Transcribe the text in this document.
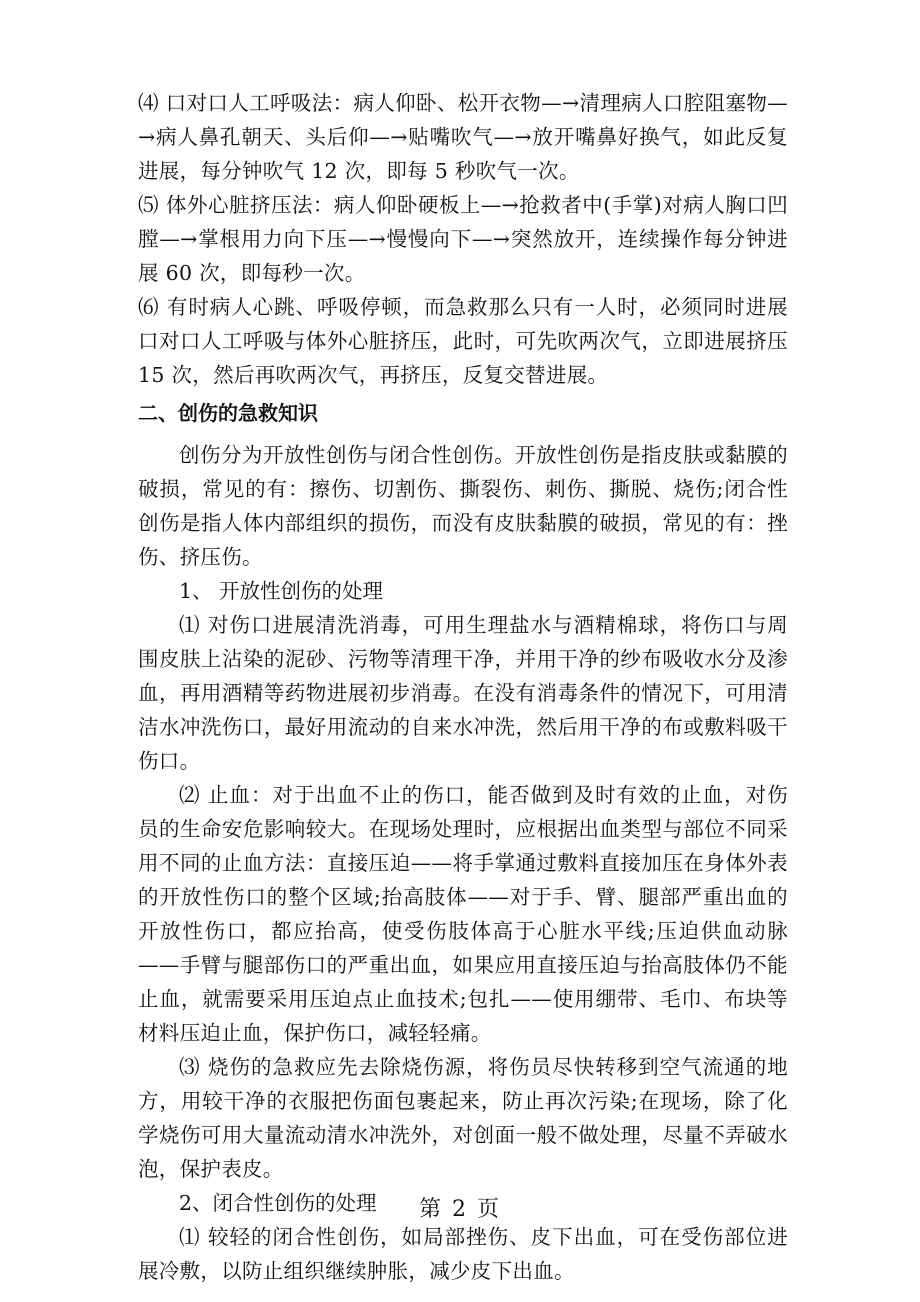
⑷ 口对口人工呼吸法：病人仰卧、松开衣物—→清理病人口腔阻塞物—→病人鼻孔朝天、头后仰—→贴嘴吹气—→放开嘴鼻好换气，如此反复进展，每分钟吹气 12 次，即每 5 秒吹气一次。

⑸ 体外心脏挤压法：病人仰卧硬板上—→抢救者中(手掌)对病人胸口凹膛—→掌根用力向下压—→慢慢向下—→突然放开，连续操作每分钟进展 60 次，即每秒一次。

⑹ 有时病人心跳、呼吸停顿，而急救那么只有一人时，必须同时进展口对口人工呼吸与体外心脏挤压，此时，可先吹两次气，立即进展挤压 15 次，然后再吹两次气，再挤压，反复交替进展。

二、创伤的急救知识

创伤分为开放性创伤与闭合性创伤。开放性创伤是指皮肤或黏膜的破损，常见的有：擦伤、切割伤、撕裂伤、刺伤、撕脱、烧伤;闭合性创伤是指人体内部组织的损伤，而没有皮肤黏膜的破损，常见的有：挫伤、挤压伤。

1、 开放性创伤的处理

⑴ 对伤口进展清洗消毒，可用生理盐水与酒精棉球，将伤口与周围皮肤上沾染的泥砂、污物等清理干净，并用干净的纱布吸收水分及渗血，再用酒精等药物进展初步消毒。在没有消毒条件的情况下，可用清洁水冲洗伤口，最好用流动的自来水冲洗，然后用干净的布或敷料吸干伤口。

⑵ 止血：对于出血不止的伤口，能否做到及时有效的止血，对伤员的生命安危影响较大。在现场处理时，应根据出血类型与部位不同采用不同的止血方法：直接压迫——将手掌通过敷料直接加压在身体外表的开放性伤口的整个区域;抬高肢体——对于手、臂、腿部严重出血的开放性伤口，都应抬高，使受伤肢体高于心脏水平线;压迫供血动脉——手臂与腿部伤口的严重出血，如果应用直接压迫与抬高肢体仍不能止血，就需要采用压迫点止血技术;包扎——使用绷带、毛巾、布块等材料压迫止血，保护伤口，减轻轻痛。

⑶ 烧伤的急救应先去除烧伤源，将伤员尽快转移到空气流通的地方，用较干净的衣服把伤面包裹起来，防止再次污染;在现场，除了化学烧伤可用大量流动清水冲洗外，对创面一般不做处理，尽量不弄破水泡，保护表皮。

2、闭合性创伤的处理

⑴ 较轻的闭合性创伤，如局部挫伤、皮下出血，可在受伤部位进展冷敷，以防止组织继续肿胀，减少皮下出血。

第 2 页
